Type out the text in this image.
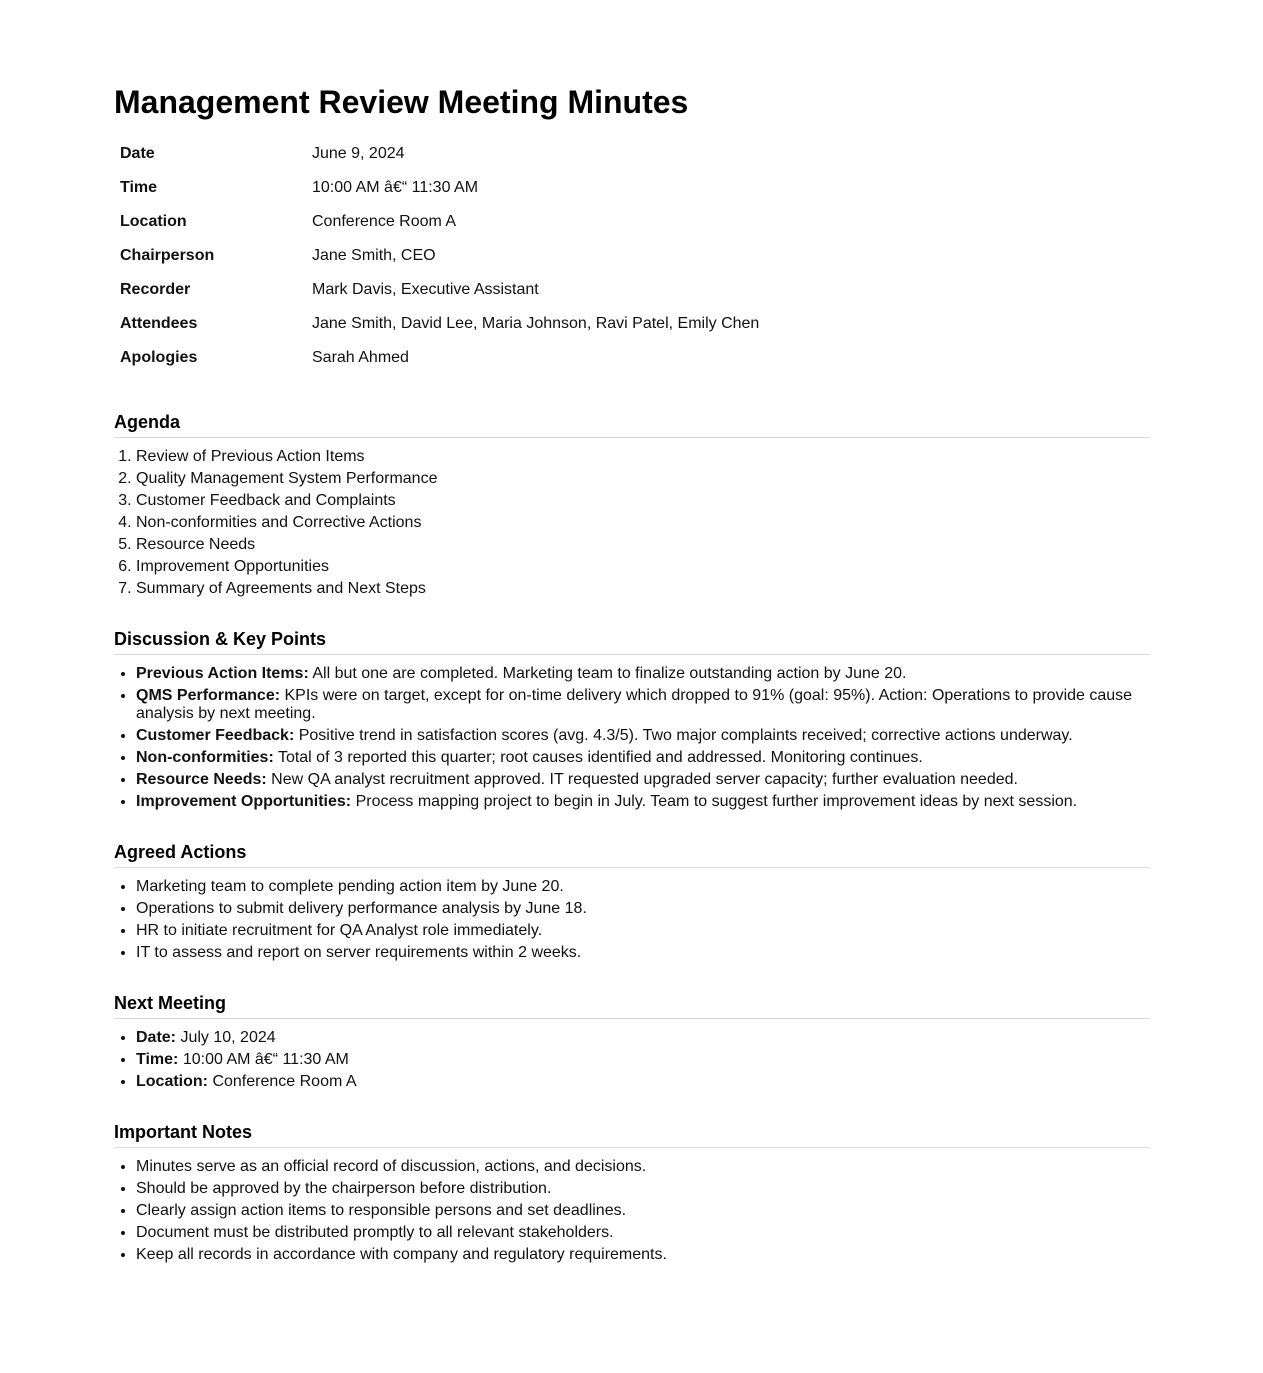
Management Review Meeting Minutes
Date	June 9, 2024
Time	10:00 AM â€“ 11:30 AM
Location	Conference Room A
Chairperson	Jane Smith, CEO
Recorder	Mark Davis, Executive Assistant
Attendees	Jane Smith, David Lee, Maria Johnson, Ravi Patel, Emily Chen
Apologies	Sarah Ahmed
Agenda
1. Review of Previous Action Items
2. Quality Management System Performance
3. Customer Feedback and Complaints
4. Non-conformities and Corrective Actions
5. Resource Needs
6. Improvement Opportunities
7. Summary of Agreements and Next Steps
Discussion & Key Points
• Previous Action Items: All but one are completed. Marketing team to finalize outstanding action by June 20.
• QMS Performance: KPIs were on target, except for on-time delivery which dropped to 91% (goal: 95%). Action: Operations to provide cause analysis by next meeting.
• Customer Feedback: Positive trend in satisfaction scores (avg. 4.3/5). Two major complaints received; corrective actions underway.
• Non-conformities: Total of 3 reported this quarter; root causes identified and addressed. Monitoring continues.
• Resource Needs: New QA analyst recruitment approved. IT requested upgraded server capacity; further evaluation needed.
• Improvement Opportunities: Process mapping project to begin in July. Team to suggest further improvement ideas by next session.
Agreed Actions
• Marketing team to complete pending action item by June 20.
• Operations to submit delivery performance analysis by June 18.
• HR to initiate recruitment for QA Analyst role immediately.
• IT to assess and report on server requirements within 2 weeks.
Next Meeting
• Date: July 10, 2024
• Time: 10:00 AM â€“ 11:30 AM
• Location: Conference Room A
Important Notes
• Minutes serve as an official record of discussion, actions, and decisions.
• Should be approved by the chairperson before distribution.
• Clearly assign action items to responsible persons and set deadlines.
• Document must be distributed promptly to all relevant stakeholders.
• Keep all records in accordance with company and regulatory requirements.
